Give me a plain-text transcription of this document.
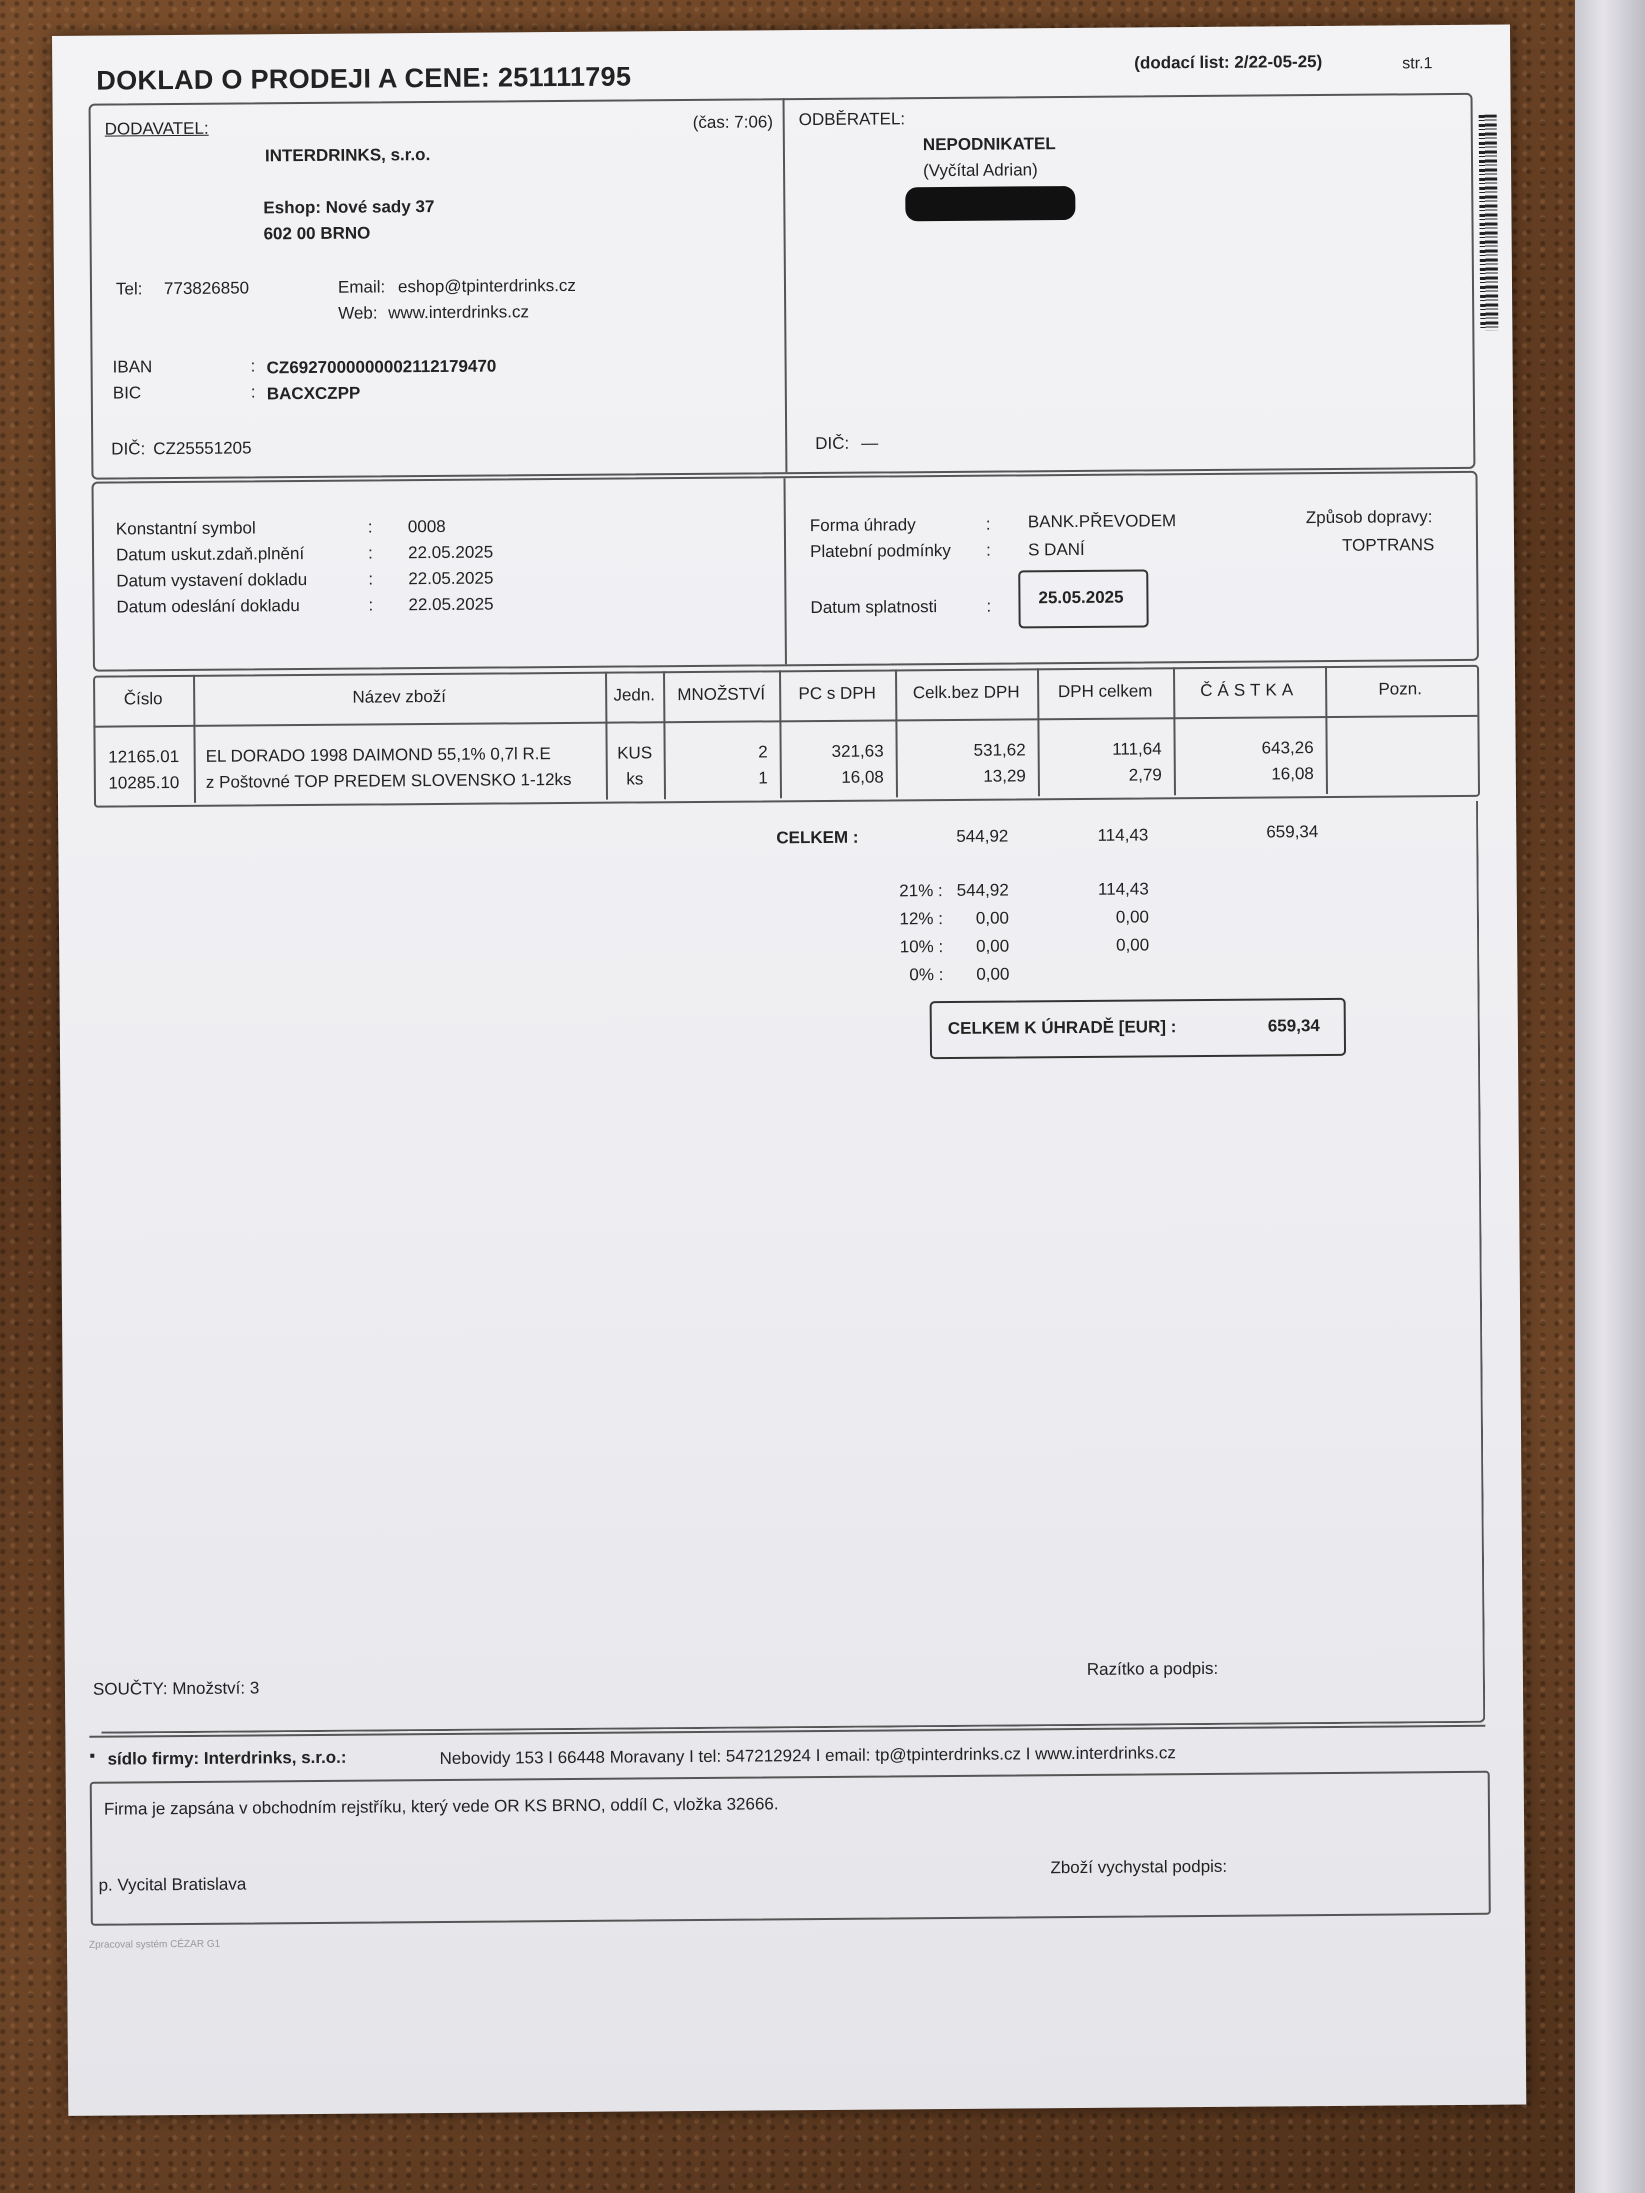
DOKLAD O PRODEJI A CENE: 251111795	(dodací list: 2/22-05-25)	str.1
DODAVATEL:	(čas: 7:06)
INTERDRINKS, s.r.o.
Eshop: Nové sady 37
602 00 BRNO
Tel: 773826850	Email: eshop@tpinterdrinks.cz
Web: www.interdrinks.cz
IBAN	: CZ6927000000002112179470
BIC	: BACXCZPP
DIČ: CZ25551205
ODBĚRATEL:
NEPODNIKATEL
(Vyčítal Adrian)
DIČ: —
Konstantní symbol	: 0008
Datum uskut.zdaň.plnění	: 22.05.2025
Datum vystavení dokladu	: 22.05.2025
Datum odeslání dokladu	: 22.05.2025
Forma úhrady	: BANK.PŘEVODEM
Platební podmínky : S DANÍ
Datum splatnosti	:	25.05.2025
Způsob dopravy:
TOPTRANS
Číslo	Název zboží	Jedn.	MNOŽSTVÍ	PC s DPH	Celk.bez DPH	DPH celkem	ČÁSTKA	Pozn.
12165.01	EL DORADO 1998 DAIMOND 55,1% 0,7l R.E	KUS	2	321,63	531,62	111,64	643,26
10285.10	z Poštovné TOP PREDEM SLOVENSKO 1-12ks	ks	1	16,08	13,29	2,79	16,08
CELKEM :	544,92	114,43	659,34
21% : 544,92	114,43
12% :	0,00	0,00
10% :	0,00	0,00
0% :	0,00
CELKEM K ÚHRADĚ [EUR] :	659,34
SOUČTY: Množství: 3
Razítko a podpis:
▪ sídlo firmy: Interdrinks, s.r.o.:	Nebovidy 153 I 66448 Moravany I tel: 547212924 I email: tp@tpinterdrinks.cz I www.interdrinks.cz
Firma je zapsána v obchodním rejstříku, který vede OR KS BRNO, oddíl C, vložka 32666.
p. Vycital Bratislava
Zboží vychystal podpis:
Zpracoval systém CÉZAR G1
